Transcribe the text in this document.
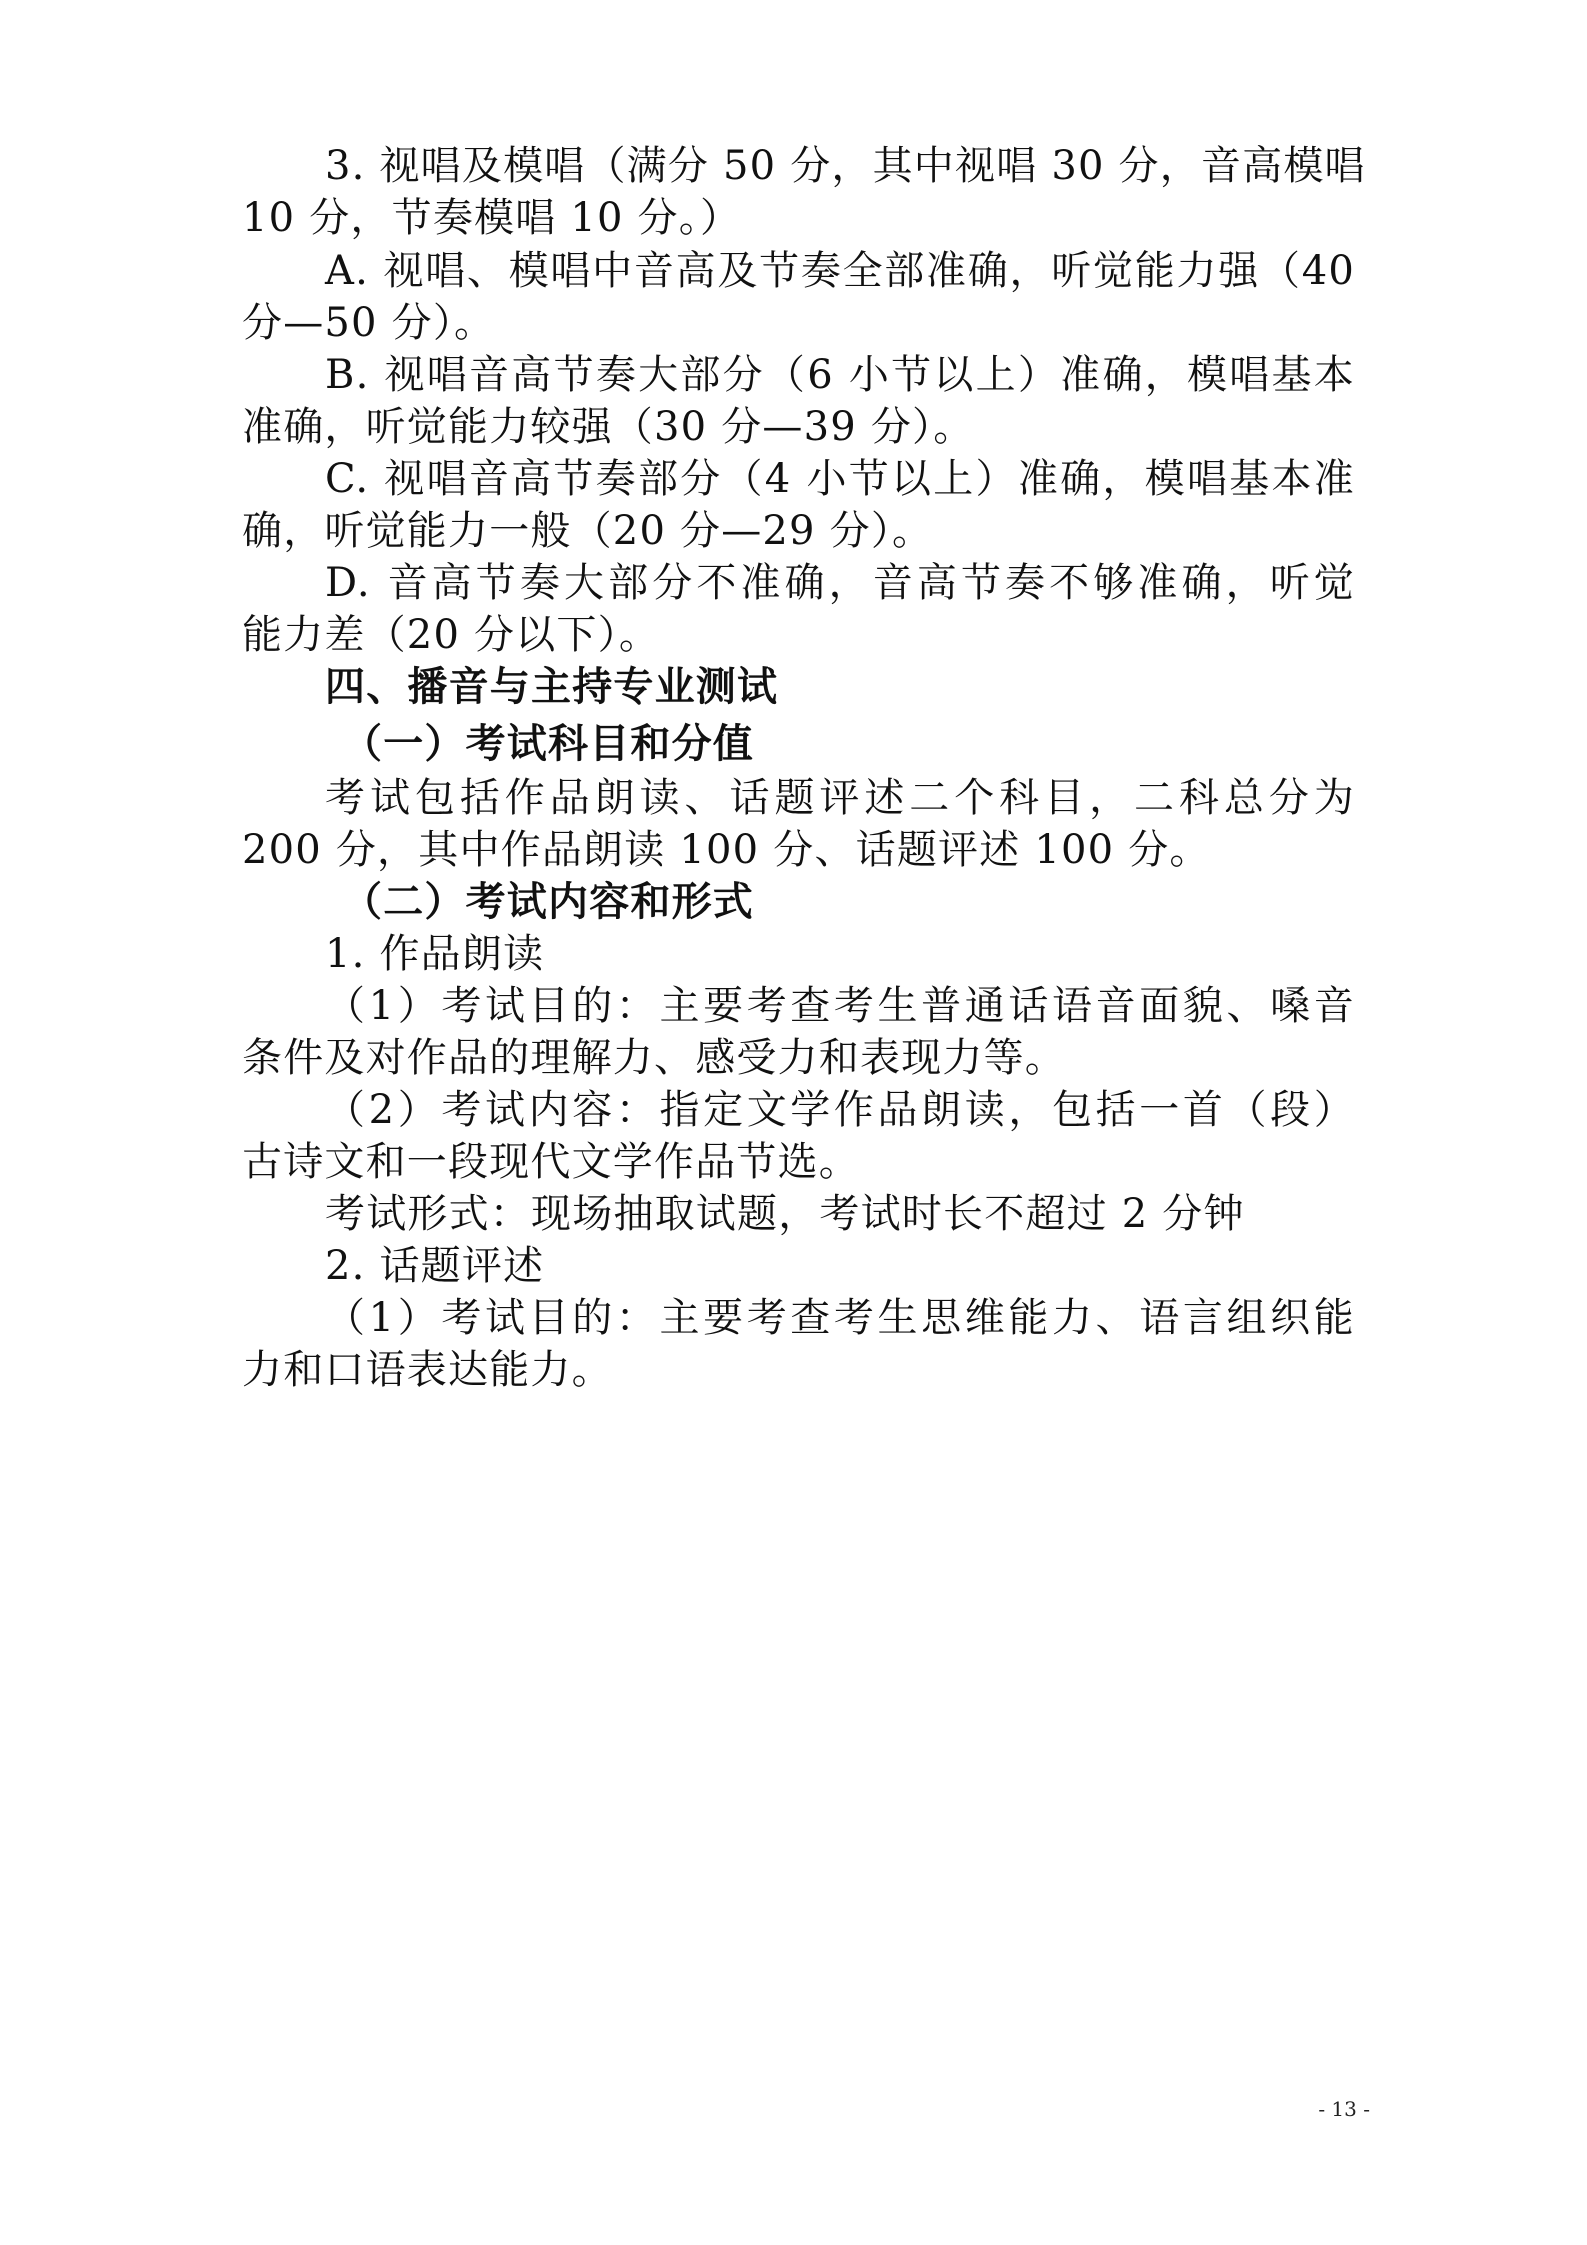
3. 视唱及模唱（满分 50 分，其中视唱 30 分，音高模唱
10 分，节奏模唱 10 分。）
A. 视唱、模唱中音高及节奏全部准确，听觉能力强（40
分—50 分）。
B. 视唱音高节奏大部分（6 小节以上）准确，模唱基本
准确，听觉能力较强（30 分—39 分）。
C. 视唱音高节奏部分（4 小节以上）准确，模唱基本准
确，听觉能力一般（20 分—29 分）。
D. 音高节奏大部分不准确，音高节奏不够准确，听觉
能力差（20 分以下）。
四、播音与主持专业测试
（一）考试科目和分值
考试包括作品朗读、话题评述二个科目，二科总分为
200 分，其中作品朗读 100 分、话题评述 100 分。
（二）考试内容和形式
1. 作品朗读
（1）考试目的：主要考查考生普通话语音面貌、嗓音
条件及对作品的理解力、感受力和表现力等。
（2）考试内容：指定文学作品朗读，包括一首（段）
古诗文和一段现代文学作品节选。
考试形式：现场抽取试题，考试时长不超过 2 分钟
2. 话题评述
（1）考试目的：主要考查考生思维能力、语言组织能
力和口语表达能力。
- 13 -
